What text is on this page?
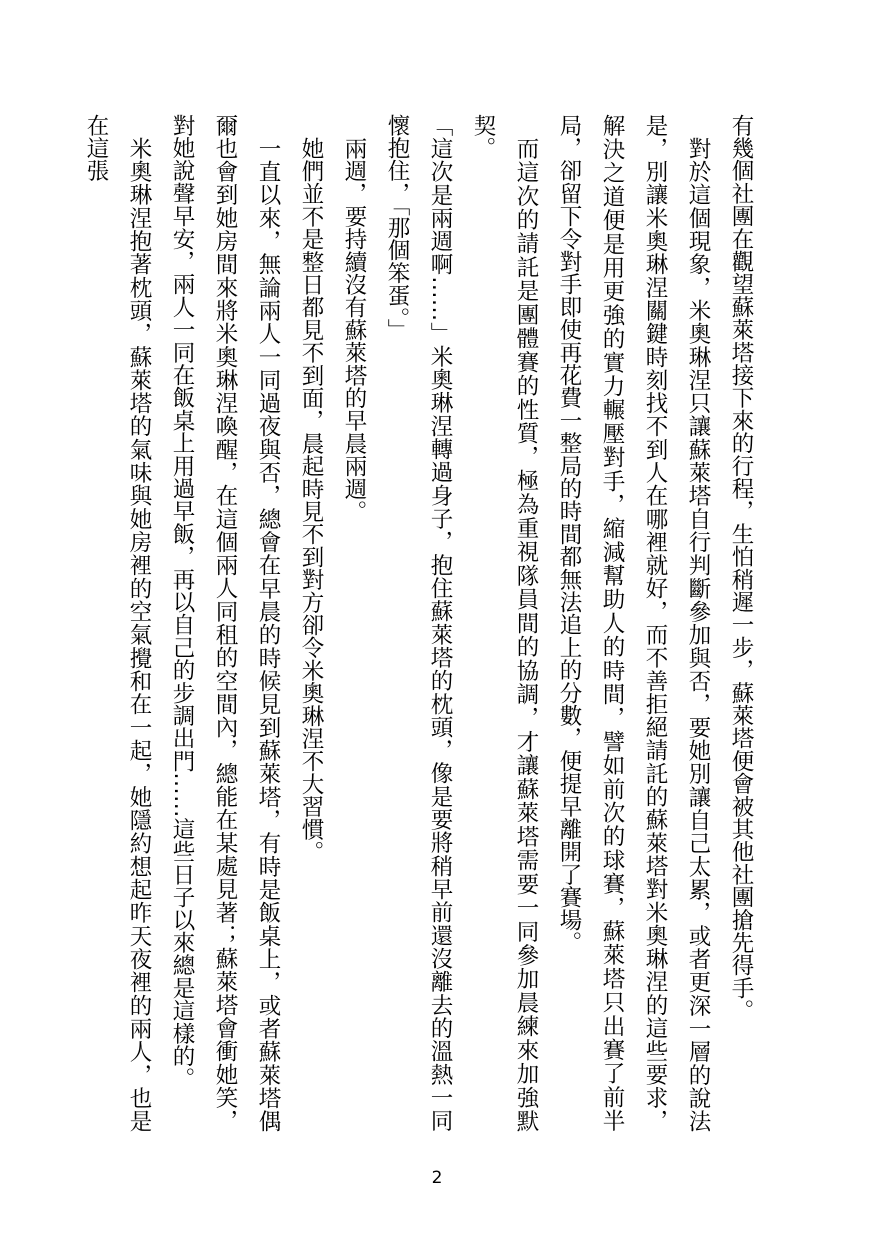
有幾個社團在觀望蘇萊塔接下來的行程，生怕稍遲一步，蘇萊塔便會被其他社團搶先得手。

對於這個現象，米奧琳涅只讓蘇萊塔自行判斷參加與否，要她別讓自己太累，或者更深一層的說法是，別讓米奧琳涅關鍵時刻找不到人在哪裡就好，而不善拒絕請託的蘇萊塔對米奧琳涅的這些要求，解決之道便是用更強的實力輾壓對手，縮減幫助人的時間，譬如前次的球賽，蘇萊塔只出賽了前半局，卻留下令對手即使再花費一整局的時間都無法追上的分數，便提早離開了賽場。

而這次的請託是團體賽的性質，極為重視隊員間的協調，才讓蘇萊塔需要一同參加晨練來加強默契。

「這次是兩週啊……」米奧琳涅轉過身子，抱住蘇萊塔的枕頭，像是要將稍早前還沒離去的溫熱一同懷抱住，「那個笨蛋。」

兩週，要持續沒有蘇萊塔的早晨兩週。

她們並不是整日都見不到面，晨起時見不到對方卻令米奧琳涅不大習慣。

一直以來，無論兩人一同過夜與否，總會在早晨的時候見到蘇萊塔，有時是飯桌上，或者蘇萊塔偶爾也會到她房間來將米奧琳涅喚醒，在這個兩人同租的空間內，總能在某處見著；蘇萊塔會衝她笑，對她說聲早安，兩人一同在飯桌上用過早飯，再以自己的步調出門……這些日子以來總是這樣的。

米奧琳涅抱著枕頭，蘇萊塔的氣味與她房裡的空氣攪和在一起，她隱約想起昨天夜裡的兩人，也是在這張

2
